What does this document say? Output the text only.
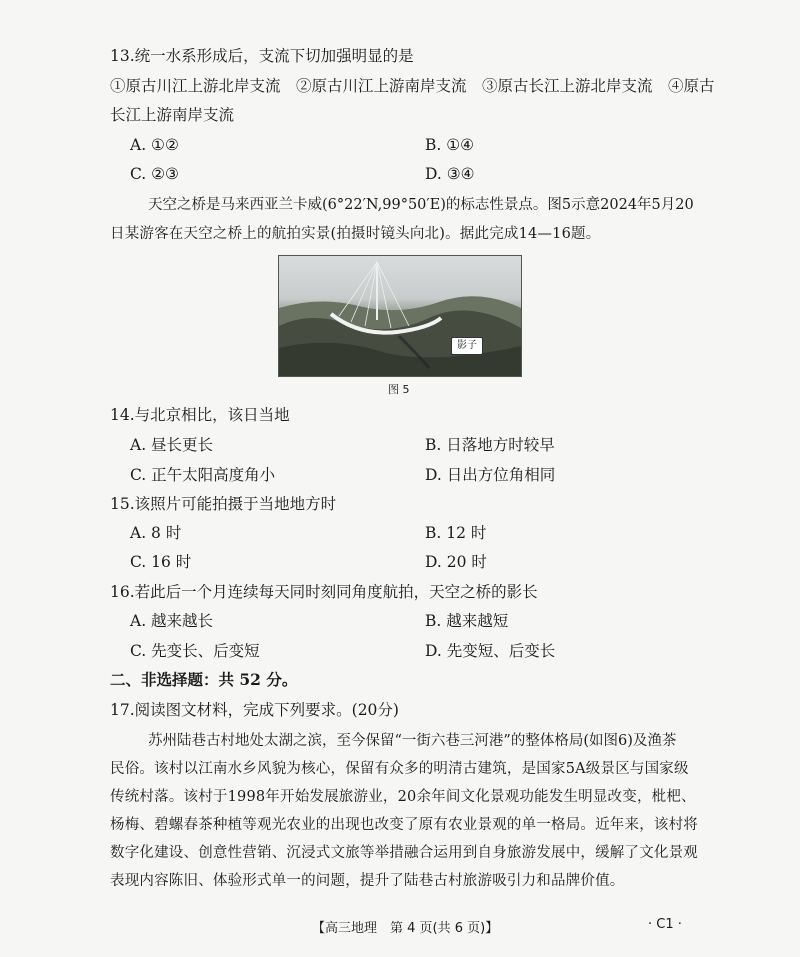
13.统一水系形成后，支流下切加强明显的是
①原古川江上游北岸支流　②原古川江上游南岸支流　③原古长江上游北岸支流　④原古
长江上游南岸支流
A. ①②	B. ①④
C. ②③	D. ③④
天空之桥是马来西亚兰卡威(6°22′N,99°50′E)的标志性景点。图5示意2024年5月20
日某游客在天空之桥上的航拍实景(拍摄时镜头向北)。据此完成14—16题。
影子
图 5
14.与北京相比，该日当地
A. 昼长更长	B. 日落地方时较早
C. 正午太阳高度角小	D. 日出方位角相同
15.该照片可能拍摄于当地地方时
A. 8 时	B. 12 时
C. 16 时	D. 20 时
16.若此后一个月连续每天同时刻同角度航拍，天空之桥的影长
A. 越来越长	B. 越来越短
C. 先变长、后变短	D. 先变短、后变长
二、非选择题：共 52 分。
17.阅读图文材料，完成下列要求。(20分)
苏州陆巷古村地处太湖之滨，至今保留“一街六巷三河港”的整体格局(如图6)及渔茶
民俗。该村以江南水乡风貌为核心，保留有众多的明清古建筑，是国家5A级景区与国家级
传统村落。该村于1998年开始发展旅游业，20余年间文化景观功能发生明显改变，枇杷、
杨梅、碧螺春茶种植等观光农业的出现也改变了原有农业景观的单一格局。近年来，该村将
数字化建设、创意性营销、沉浸式文旅等举措融合运用到自身旅游发展中，缓解了文化景观
表现内容陈旧、体验形式单一的问题，提升了陆巷古村旅游吸引力和品牌价值。
【高三地理　第 4 页(共 6 页)】	· C1 ·
